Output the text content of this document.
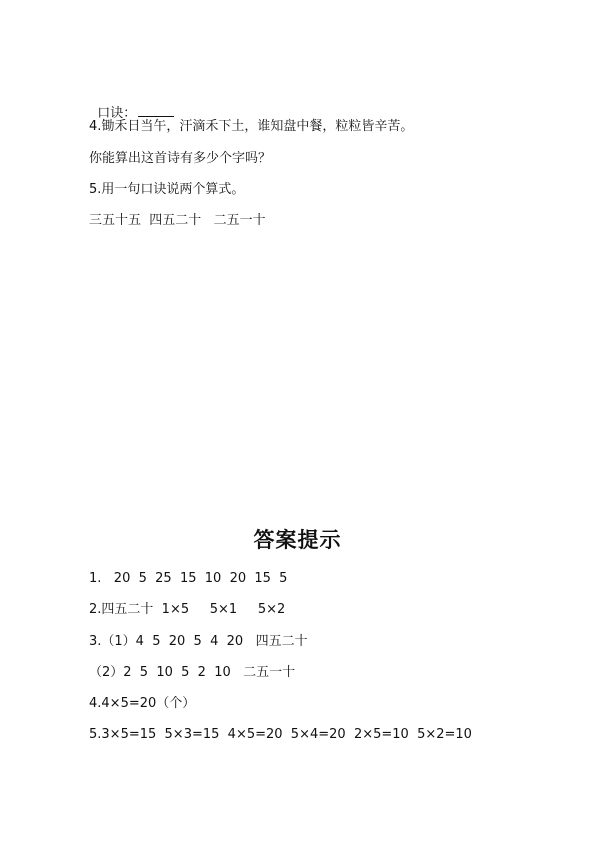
口诀：

4.锄禾日当午，汗滴禾下土，谁知盘中餐，粒粒皆辛苦。
你能算出这首诗有多少个字吗？
5.用一句口诀说两个算式。
三五十五  四五二十   二五一十
答案提示
1.   20  5  25  15  10  20  15  5
2.四五二十  1×5     5×1     5×2
3.（1）4  5  20  5  4  20   四五二十
（2）2  5  10  5  2  10   二五一十
4.4×5=20（个）
5.3×5=15  5×3=15  4×5=20  5×4=20  2×5=10  5×2=10
